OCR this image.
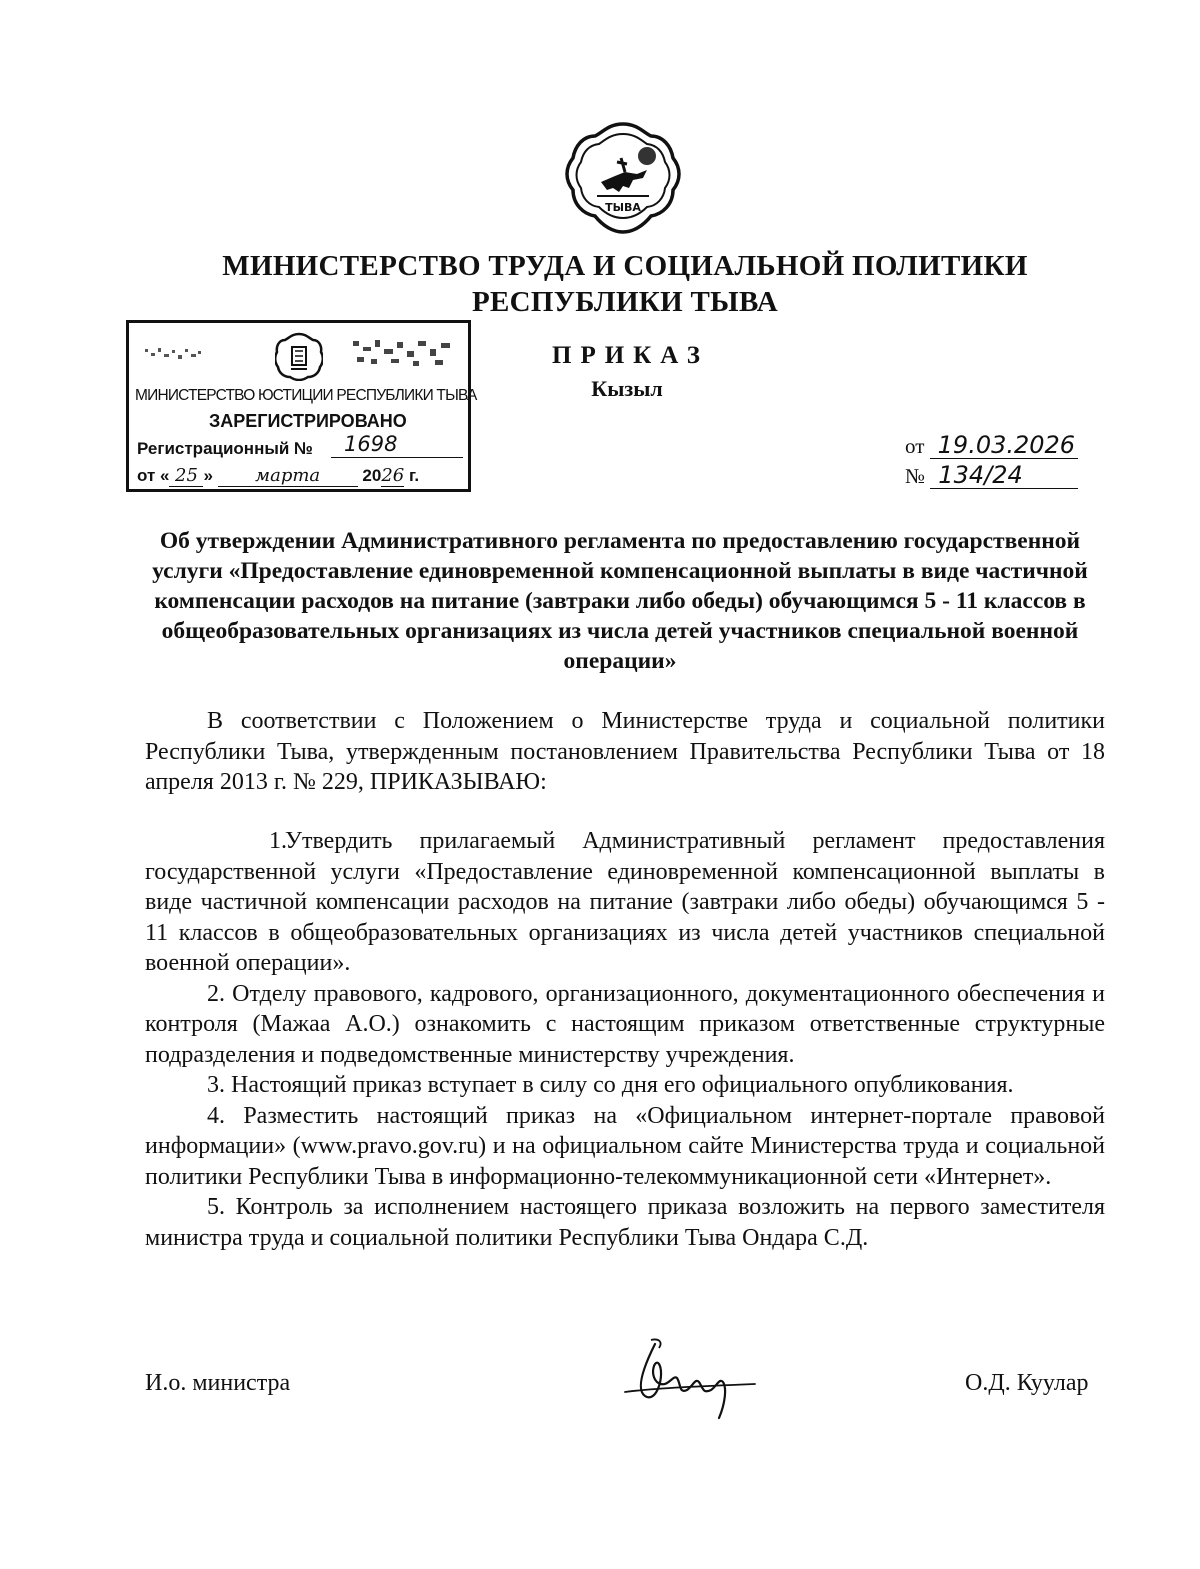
ТЫВА
МИНИСТЕРСТВО ТРУДА И СОЦИАЛЬНОЙ ПОЛИТИКИ
РЕСПУБЛИКИ ТЫВА
МИНИСТЕРСТВО ЮСТИЦИИ РЕСПУБЛИКИ ТЫВА
ЗАРЕГИСТРИРОВАНО
Регистрационный № 1698
от « 25 » марта 2026 г.
ПРИКАЗ
Кызыл
от 19.03.2026
№ 134/24
Об утверждении Административного регламента по предоставлению государственной услуги «Предоставление единовременной компенсационной выплаты в виде частичной компенсации расходов на питание (завтраки либо обеды) обучающимся 5 - 11 классов в общеобразовательных организациях из числа детей участников специальной военной операции»
В соответствии с Положением о Министерстве труда и социальной политики Республики Тыва, утвержденным постановлением Правительства Республики Тыва от 18 апреля 2013 г. № 229, ПРИКАЗЫВАЮ:

1.Утвердить прилагаемый Административный регламент предоставления государственной услуги «Предоставление единовременной компенсационной выплаты в виде частичной компенсации расходов на питание (завтраки либо обеды) обучающимся 5 - 11 классов в общеобразовательных организациях из числа детей участников специальной военной операции».

2. Отделу правового, кадрового, организационного, документационного обеспечения и контроля (Мажаа А.О.) ознакомить с настоящим приказом ответственные структурные подразделения и подведомственные министерству учреждения.

3. Настоящий приказ вступает в силу со дня его официального опубликования.

4. Разместить настоящий приказ на «Официальном интернет-портале правовой информации» (www.pravo.gov.ru) и на официальном сайте Министерства труда и социальной политики Республики Тыва в информационно-телекоммуникационной сети «Интернет».

5. Контроль за исполнением настоящего приказа возложить на первого заместителя министра труда и социальной политики Республики Тыва Ондара С.Д.

И.о. министра	О.Д. Куулар
